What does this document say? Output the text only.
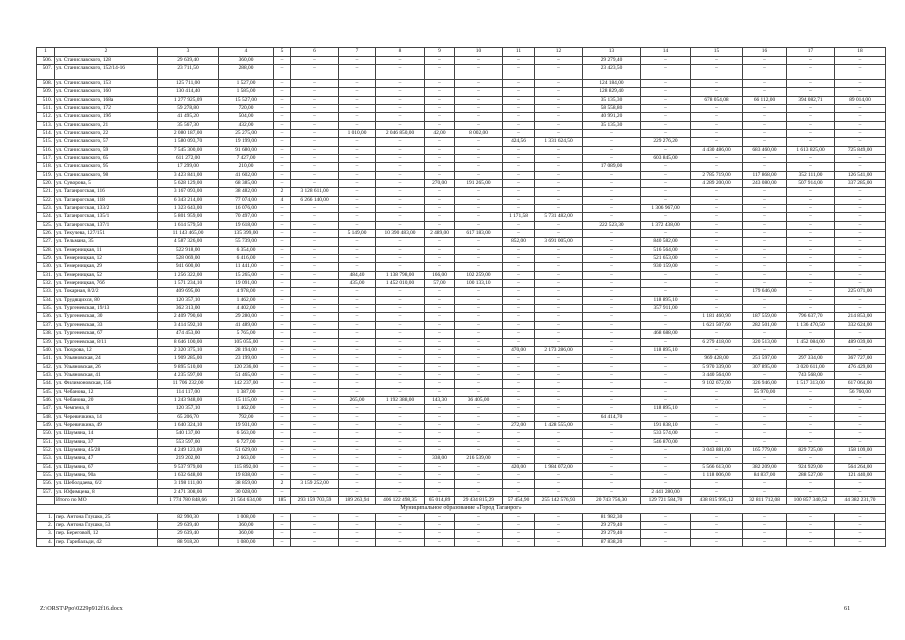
1	2	3	4	5	6	7	8	9	10	11	12	13	14	15	16	17	18
506.	ул. Станиславского, 128	29 639,40	360,00	–	–	–	–	–	–	–	–	29 279,40	–	–	–	–	–
507.	ул. Станиславского, 152/14-16	23 711,50	288,00	–	–	–	–	–	–	–	–	23 423,50	–	–	–	–	–
508.	ул. Станиславского, 153	125 711,00	1 527,00	–	–	–	–	–	–	–	–	124 184,00	–	–	–	–	–
509.	ул. Станиславского, 160	130 414,40	1 585,00	–	–	–	–	–	–	–	–	128 829,40	–	–	–	–	–
510.	ул. Станиславского, 168а	1 277 925,09	15 527,00	–	–	–	–	–	–	–	–	35 135,30	–	678 054,08	66 112,00	394 082,71	89 014,00
511.	ул. Станиславского, 172	59 278,80	720,00	–	–	–	–	–	–	–	–	58 558,80	–	–	–	–	–
512.	ул. Станиславского, 19б	41 495,20	504,00	–	–	–	–	–	–	–	–	40 991,20	–	–	–	–	–
513.	ул. Станиславского, 21	35 567,30	432,00	–	–	–	–	–	–	–	–	35 135,30	–	–	–	–	–
514.	ул. Станиславского, 22	2 080 187,00	25 275,00	–	–	1 010,00	2 046 850,00	42,00	8 002,00	–	–	–	–	–	–	–	–
515.	ул. Станиславского, 57	1 580 093,70	19 199,00	–	–	–	–	–	–	424,56	1 331 624,50	–	229 276,20	–	–	–	–
516.	ул. Станиславского, 59	7 545 300,00	91 680,00	–	–	–	–	–	–	–	–	–	–	4 430 486,00	683 460,00	1 613 825,00	725 849,00
517.	ул. Станиславского, 65	611 272,00	7 427,00	–	–	–	–	–	–	–	–	–	603 845,00	–	–	–	–
518.	ул. Станиславского, 95	17 299,00	210,00	–	–	–	–	–	–	–	–	17 089,00	–	–	–	–	–
519.	ул. Станиславского, 98	3 423 841,00	41 602,00	–	–	–	–	–	–	–	–	–	–	2 785 719,00	117 868,00	352 111,00	126 541,00
520.	ул. Суворова, 5	5 628 129,00	68 385,00	–	–	–	–	270,00	191 265,00	–	–	–	–	4 289 200,00	243 080,00	507 914,00	337 285,00
521.	ул. Таганрогская, 116	3 167 093,00	38 482,00	2	3 128 611,00	–	–	–	–	–	–	–	–	–	–	–	–
522.	ул. Таганрогская, 118	6 343 214,00	77 074,00	4	6 266 140,00	–	–	–	–	–	–	–	–	–	–	–	–
523.	ул. Таганрогская, 133/2	1 323 643,00	16 076,00	–	–	–	–	–	–	–	–	–	1 306 967,00	–	–	–	–
524.	ул. Таганрогская, 135/1	5 801 959,00	70 497,00	–	–	–	–	–	–	1 171,58	5 731 482,00	–	–	–	–	–	–
525.	ул. Таганрогская, 137/1	1 614 579,50	19 618,00	–	–	–	–	–	–	–	–	222 523,30	1 372 438,00	–	–	–	–
526.	ул. Текучева, 127/151	11 143 465,00	135 399,00	–	–	5 149,00	10 390 483,00	2 489,00	617 183,00	–	–	–	–	–	–	–	–
527.	ул. Тельмана, 35	4 587 326,00	55 739,00	–	–	–	–	–	–	852,00	3 691 005,00	–	840 582,00	–	–	–	–
528.	ул. Темерницкая, 11	522 918,00	6 354,00	–	–	–	–	–	–	–	–	–	516 564,00	–	–	–	–
529.	ул. Темерницкая, 12	528 069,00	6 416,00	–	–	–	–	–	–	–	–	–	521 653,00	–	–	–	–
530.	ул. Темерницкая, 29	941 600,00	11 441,00	–	–	–	–	–	–	–	–	–	930 159,00	–	–	–	–
531.	ул. Темерницкая, 52	1 256 322,00	15 265,00	–	–	484,40	1 138 798,00	166,00	102 259,00	–	–	–	–	–	–	–	–
532.	ул. Темерницкая, 76б	1 571 234,10	19 091,00	–	–	435,00	1 452 010,00	57,00	100 133,10	–	–	–	–	–	–	–	–
533.	ул. Токарная, 8/2/2	409 695,00	4 978,00	–	–	–	–	–	–	–	–	–	–	–	179 646,00	–	225 071,00
534.	ул. Трудящихся, 80	120 357,10	1 462,00	–	–	–	–	–	–	–	–	–	118 895,10	–	–	–	–
535.	ул. Тургеневская, 19/13	362 313,00	4 402,00	–	–	–	–	–	–	–	–	–	357 911,00	–	–	–	–
536.	ул. Тургеневская, 30	2 409 790,60	29 280,00	–	–	–	–	–	–	–	–	–	–	1 181 460,90	187 559,00	796 637,70	214 853,00
537.	ул. Тургеневская, 33	3 414 592,10	41 489,00	–	–	–	–	–	–	–	–	–	–	1 621 507,60	282 501,00	1 136 470,50	332 624,00
538.	ул. Тургеневская, 67	474 453,00	5 765,00	–	–	–	–	–	–	–	–	–	468 688,00	–	–	–	–
539.	ул. Тургеневская, 8/11	8 646 100,00	105 055,00	–	–	–	–	–	–	–	–	–	–	6 279 418,00	320 513,00	1 452 084,00	489 039,00
540.	ул. Тюхрова, 12	2 320 375,10	28 194,00	–	–	–	–	–	–	470,00	2 173 286,00	–	118 895,10	–	–	–	–
541.	ул. Ульяновская, 24	1 909 285,00	23 199,00	–	–	–	–	–	–	–	–	–	–	969 428,00	251 597,00	297 334,00	367 727,00
542.	ул. Ульяновская, 26	9 895 510,00	120 236,00	–	–	–	–	–	–	–	–	–	–	5 970 339,00	307 895,00	3 020 611,00	476 429,00
543.	ул. Ульяновская, 41	4 235 597,00	51 465,00	–	–	–	–	–	–	–	–	–	–	3 440 564,00	–	743 568,00	–
544.	ул. Филимоновская, 156	11 706 232,00	142 237,00	–	–	–	–	–	–	–	–	–	–	9 102 672,00	326 946,00	1 517 313,00	617 064,00
545.	ул. Чебанова, 12	114 117,00	1 387,00	–	–	–	–	–	–	–	–	–	–	–	55 970,00	–	56 760,00
546.	ул. Чебанова, 20	1 243 948,00	15 115,00	–	–	265,00	1 192 388,00	143,30	36 405,00	–	–	–	–	–	–	–	–
547.	ул. Чемпена, 8	120 357,10	1 462,00	–	–	–	–	–	–	–	–	–	118 895,10	–	–	–	–
548.	ул. Черевичкина, 14	65 206,70	792,00	–	–	–	–	–	–	–	–	64 414,70	–	–	–	–	–
549.	ул. Черевичкина, 49	1 640 324,10	19 931,00	–	–	–	–	–	–	272,00	1 428 555,00	–	191 838,10	–	–	–	–
550.	ул. Шаумяна, 14	540 137,00	6 563,00	–	–	–	–	–	–	–	–	–	533 574,00	–	–	–	–
551.	ул. Шаумяна, 37	553 597,00	6 727,00	–	–	–	–	–	–	–	–	–	546 870,00	–	–	–	–
552.	ул. Шаумяна, 45/28	4 249 123,00	51 629,00	–	–	–	–	–	–	–	–	–	–	3 043 881,00	165 779,00	829 725,00	158 109,00
553.	ул. Шаумяна, 47	219 202,00	2 663,00	–	–	–	–	338,00	216 539,00	–	–	–	–	–	–	–	–
554.	ул. Шаумяна, 67	9 537 979,00	115 892,00	–	–	–	–	–	–	420,00	1 984 072,00	–	–	5 566 613,00	382 209,00	924 929,00	564 264,00
555.	ул. Шаумяна, 90а	1 632 648,00	19 838,00	–	–	–	–	–	–	–	–	–	–	1 118 006,00	84 837,00	288 527,00	121 440,00
556.	ул. Шеболдаева, 6/2	3 198 111,00	38 859,00	2	3 159 252,00	–	–	–	–	–	–	–	–	–	–	–	–
557.	ул. Юфимцева, 8	2 471 308,00	30 028,00	–	–	–	–	–	–	–	–	–	2 441 280,00	–	–	–	–
	Итого по МО	1 774 780 848,66	21 564 634,00	185	293 159 703,59	189 263,94	406 122 498,35	65 014,89	29 434 815,29	57 454,90	255 142 576,93	20 743 756,30	129 721 584,70	438 815 995,12	32 811 712,08	100 857 340,52	44 382 231,70
Муниципальное образование «Город Таганрог»																	
1.	пер. Антона Глушко, 25	82 990,30	1 008,00	–	–	–	–	–	–	–	–	81 982,30	–	–	–	–	–
2.	пер. Антона Глушко, 53	29 639,40	360,00	–	–	–	–	–	–	–	–	29 279,40	–	–	–	–	–
3.	пер. Береговой, 12	29 639,40	360,00	–	–	–	–	–	–	–	–	29 279,40	–	–	–	–	–
4.	пер. Гарибальди, 42	88 918,20	1 080,00	–	–	–	–	–	–	–	–	87 838,20	–	–	–	–	–
Z:\ORST\Ppo\0229p912f16.docx	61
